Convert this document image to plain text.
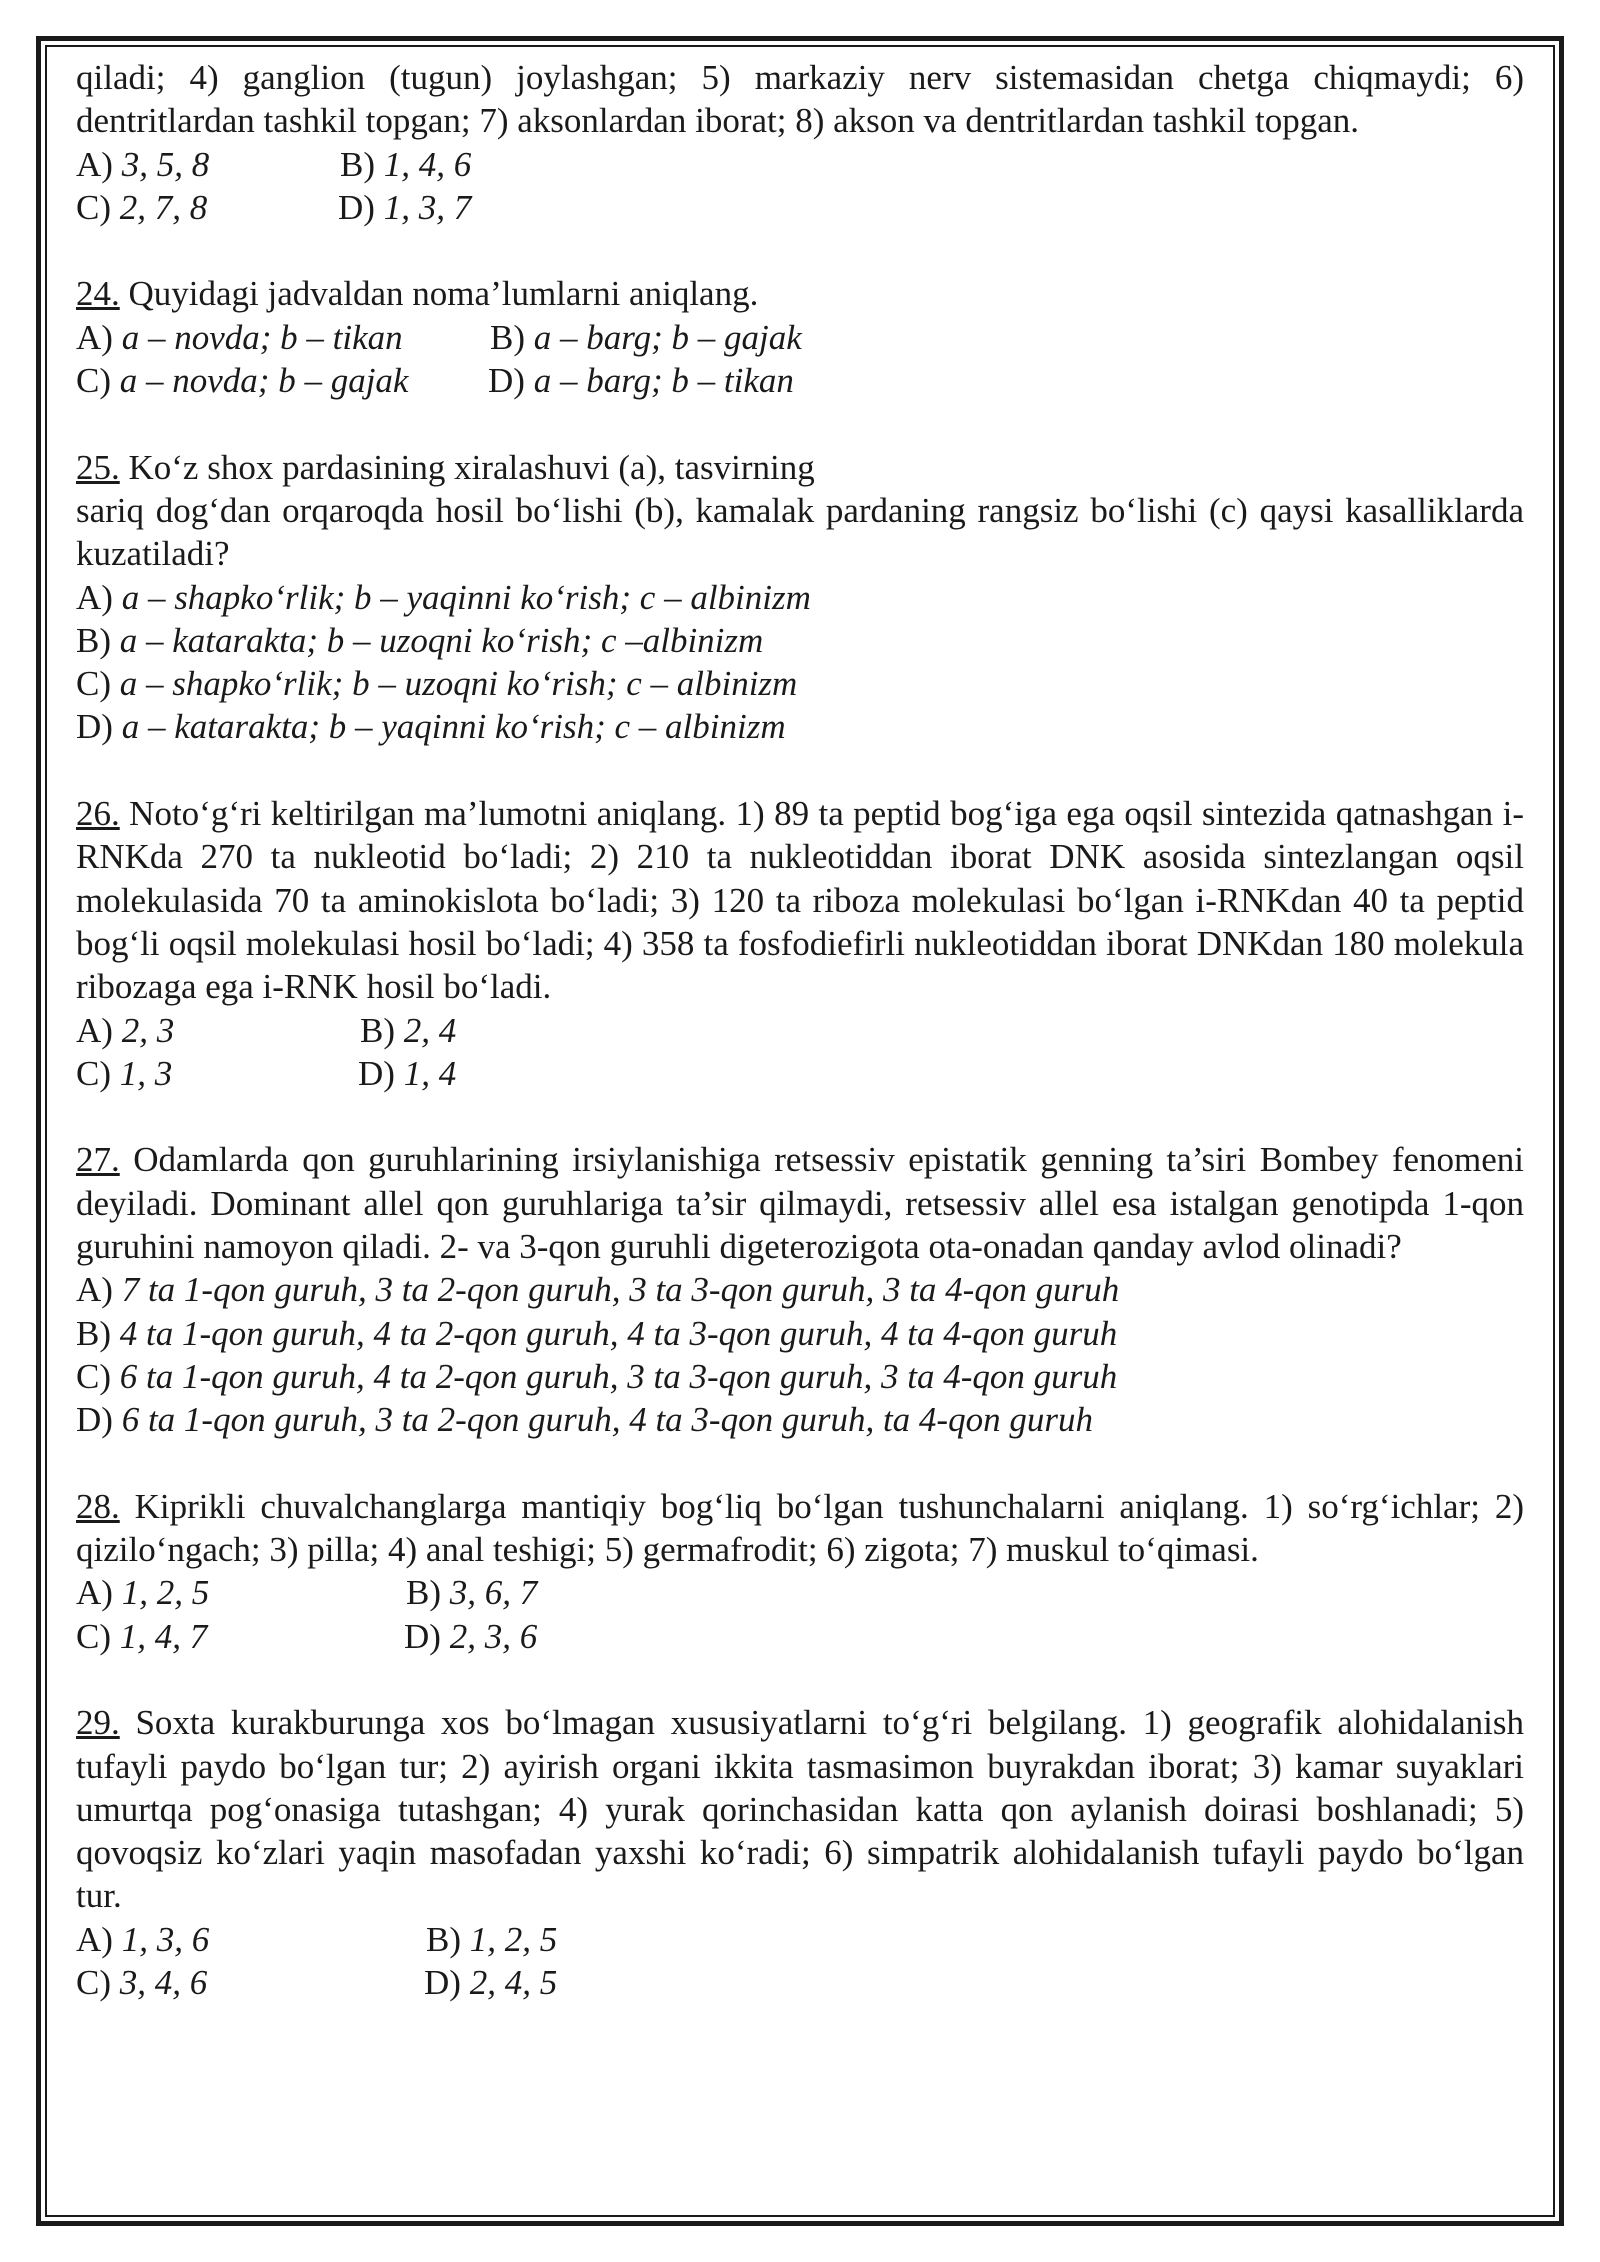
qiladi; 4) ganglion (tugun) joylashgan; 5) markaziy nerv sistemasidan chetga chiqmaydi; 6) dentritlardan tashkil topgan; 7) aksonlardan iborat; 8) akson va dentritlardan tashkil topgan.

A) 3, 5, 8	B) 1, 4, 6
C) 2, 7, 8	D) 1, 3, 7

24. Quyidagi jadvaldan noma’lumlarni aniqlang.

A) a – novda; b – tikan B) a – barg; b – gajak
C) a – novda; b – gajak D) a – barg; b – tikan

25. Ko‘z shox pardasining xiralashuvi (a), tasvirning

sariq dog‘dan orqaroqda hosil bo‘lishi (b), kamalak pardaning rangsiz bo‘lishi (c) qaysi kasalliklarda kuzatiladi?

A) a – shapko‘rlik; b – yaqinni ko‘rish; c – albinizm
B) a – katarakta; b – uzoqni ko‘rish; c –albinizm
C) a – shapko‘rlik; b – uzoqni ko‘rish; c – albinizm
D) a – katarakta; b – yaqinni ko‘rish; c – albinizm

26. Noto‘g‘ri keltirilgan ma’lumotni aniqlang. 1) 89 ta peptid bog‘iga ega oqsil sintezida qatnashgan i-RNKda 270 ta nukleotid bo‘ladi; 2) 210 ta nukleotiddan iborat DNK asosida sintezlangan oqsil molekulasida 70 ta aminokislota bo‘ladi; 3) 120 ta riboza molekulasi bo‘lgan i-RNKdan 40 ta peptid bog‘li oqsil molekulasi hosil bo‘ladi; 4) 358 ta fosfodiefirli nukleotiddan iborat DNKdan 180 molekula ribozaga ega i-RNK hosil bo‘ladi.

A) 2, 3	B) 2, 4
C) 1, 3	D) 1, 4

27. Odamlarda qon guruhlarining irsiylanishiga retsessiv epistatik genning ta’siri Bombey fenomeni deyiladi. Dominant allel qon guruhlariga ta’sir qilmaydi, retsessiv allel esa istalgan genotipda 1-qon guruhini namoyon qiladi. 2- va 3-qon guruhli digeterozigota ota-onadan qanday avlod olinadi?

A) 7 ta 1-qon guruh, 3 ta 2-qon guruh, 3 ta 3-qon guruh, 3 ta 4-qon guruh
B) 4 ta 1-qon guruh, 4 ta 2-qon guruh, 4 ta 3-qon guruh, 4 ta 4-qon guruh
C) 6 ta 1-qon guruh, 4 ta 2-qon guruh, 3 ta 3-qon guruh, 3 ta 4-qon guruh
D) 6 ta 1-qon guruh, 3 ta 2-qon guruh, 4 ta 3-qon guruh, ta 4-qon guruh

28. Kiprikli chuvalchanglarga mantiqiy bog‘liq bo‘lgan tushunchalarni aniqlang. 1) so‘rg‘ichlar; 2) qizilo‘ngach; 3) pilla; 4) anal teshigi; 5) germafrodit; 6) zigota; 7) muskul to‘qimasi.

A) 1, 2, 5	B) 3, 6, 7
C) 1, 4, 7	D) 2, 3, 6

29. Soxta kurakburunga xos bo‘lmagan xususiyatlarni to‘g‘ri belgilang. 1) geografik alohidalanish tufayli paydo bo‘lgan tur; 2) ayirish organi ikkita tasmasimon buyrakdan iborat; 3) kamar suyaklari umurtqa pog‘onasiga tutashgan; 4) yurak qorinchasidan katta qon aylanish doirasi boshlanadi; 5) qovoqsiz ko‘zlari yaqin masofadan yaxshi ko‘radi; 6) simpatrik alohidalanish tufayli paydo bo‘lgan tur.

A) 1, 3, 6	B) 1, 2, 5
C) 3, 4, 6	D) 2, 4, 5
